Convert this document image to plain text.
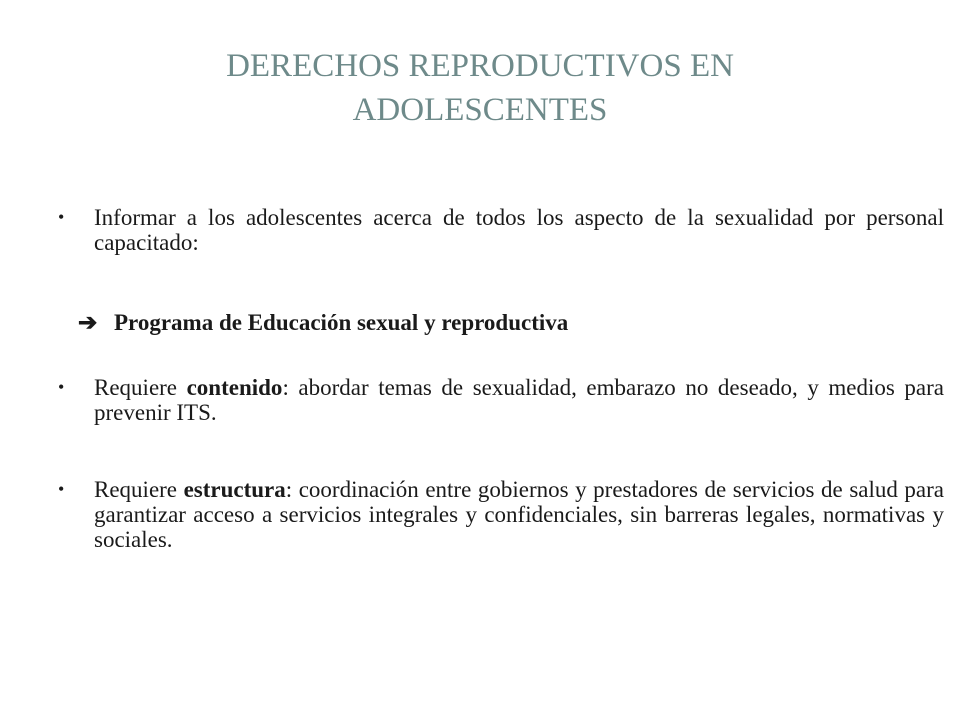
DERECHOS REPRODUCTIVOS EN
ADOLESCENTES
• Informar a los adolescentes acerca de todos los aspecto de la sexualidad por personal capacitado:
➔ Programa de Educación sexual y reproductiva
• Requiere contenido: abordar temas de sexualidad, embarazo no deseado, y medios para prevenir ITS.
• Requiere estructura: coordinación entre gobiernos y prestadores de servicios de salud para garantizar acceso a servicios integrales y confidenciales, sin barreras legales, normativas y sociales.
